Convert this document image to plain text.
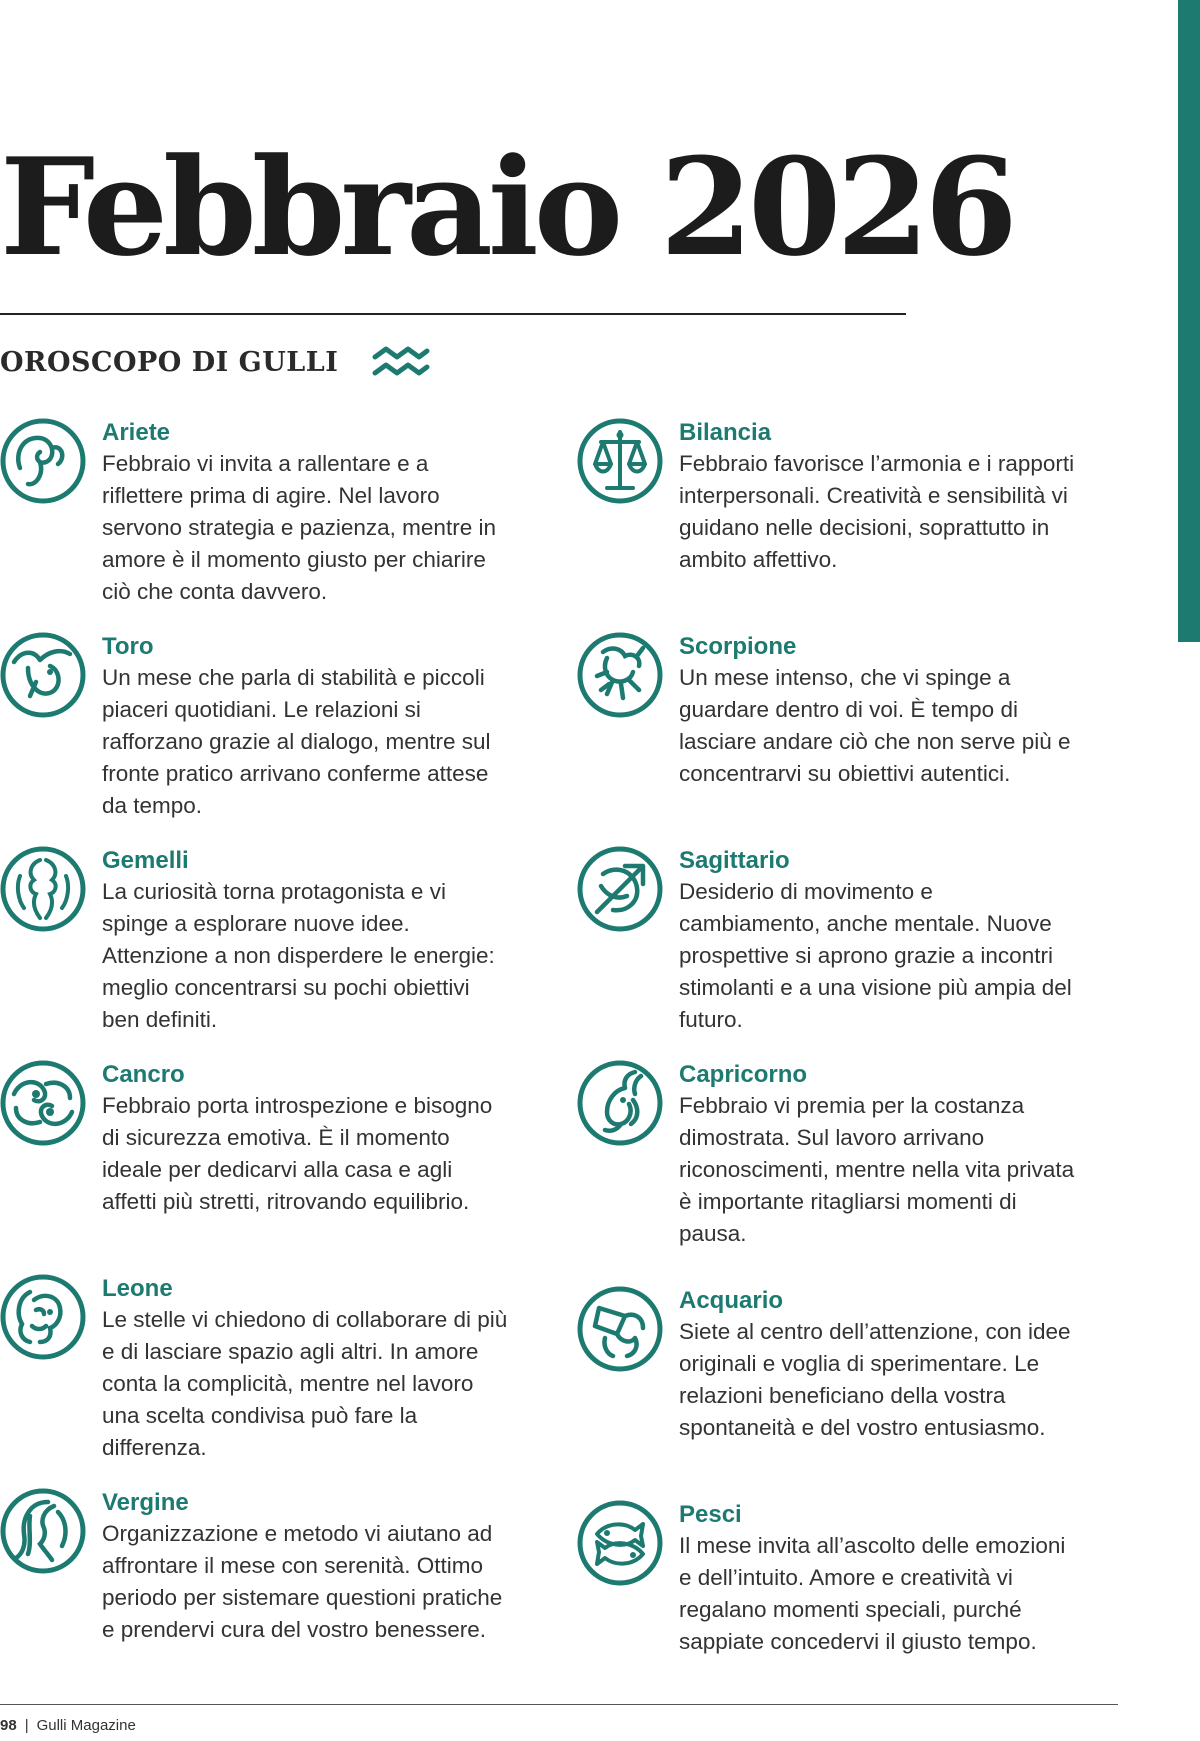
Febbraio 2026
OROSCOPO DI GULLI

Ariete

Febbraio vi invita a rallentare e a riflettere prima di agire. Nel lavoro servono strategia e pazienza, mentre in amore è il momento giusto per chiarire ciò che conta davvero.

Toro

Un mese che parla di stabilità e piccoli piaceri quotidiani. Le relazioni si rafforzano grazie al dialogo, mentre sul fronte pratico arrivano conferme attese da tempo.

Gemelli

La curiosità torna protagonista e vi spinge a esplorare nuove idee. Attenzione a non disperdere le energie: meglio concentrarsi su pochi obiettivi ben definiti.

Cancro

Febbraio porta introspezione e bisogno di sicurezza emotiva. È il momento ideale per dedicarvi alla casa e agli affetti più stretti, ritrovando equilibrio.

Leone

Le stelle vi chiedono di collaborare di più e di lasciare spazio agli altri. In amore conta la complicità, mentre nel lavoro una scelta condivisa può fare la differenza.

Vergine

Organizzazione e metodo vi aiutano ad affrontare il mese con serenità. Ottimo periodo per sistemare questioni pratiche e prendervi cura del vostro benessere.

Bilancia

Febbraio favorisce l’armonia e i rapporti interpersonali. Creatività e sensibilità vi guidano nelle decisioni, soprattutto in ambito affettivo.

Scorpione

Un mese intenso, che vi spinge a guardare dentro di voi. È tempo di lasciare andare ciò che non serve più e concentrarvi su obiettivi autentici.

Sagittario

Desiderio di movimento e cambiamento, anche mentale. Nuove prospettive si aprono grazie a incontri stimolanti e a una visione più ampia del futuro.

Capricorno

Febbraio vi premia per la costanza dimostrata. Sul lavoro arrivano riconoscimenti, mentre nella vita privata è importante ritagliarsi momenti di pausa.

Acquario

Siete al centro dell’attenzione, con idee originali e voglia di sperimentare. Le relazioni beneficiano della vostra spontaneità e del vostro entusiasmo.

Pesci

Il mese invita all’ascolto delle emozioni e dell’intuito. Amore e creatività vi regalano momenti speciali, purché sappiate concedervi il giusto tempo.

98 | Gulli Magazine
